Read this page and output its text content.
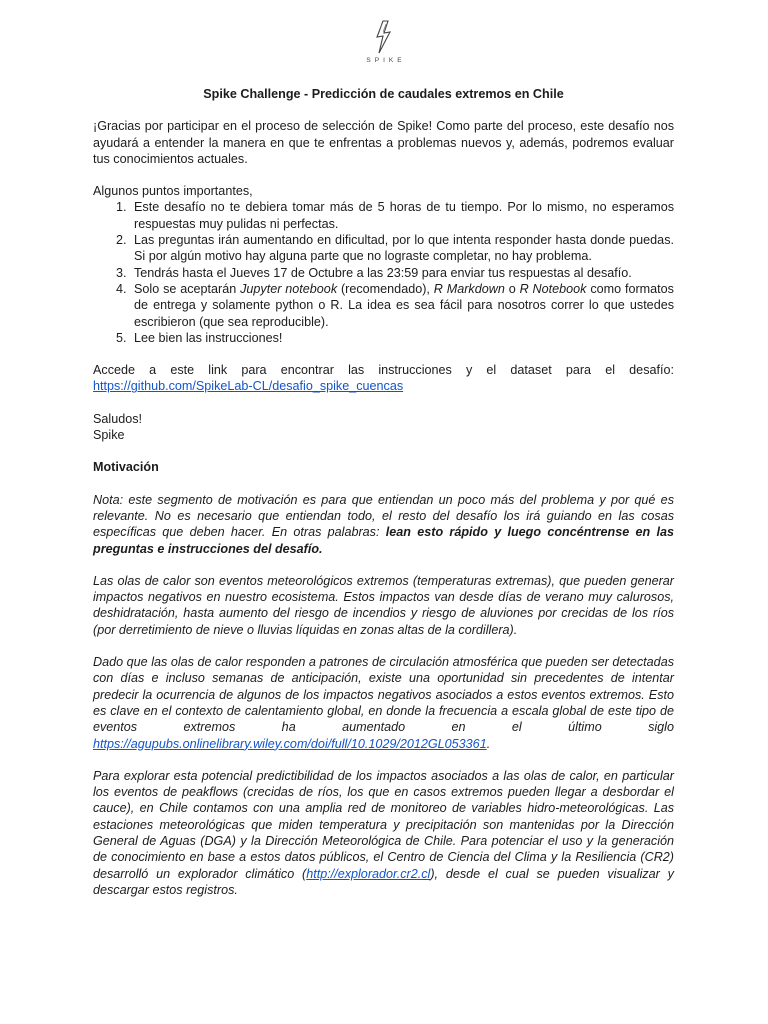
SPIKE
Spike Challenge - Predicción de caudales extremos en Chile

¡Gracias por participar en el proceso de selección de Spike! Como parte del proceso, este desafío nos ayudará a entender la manera en que te enfrentas a problemas nuevos y, además, podremos evaluar tus conocimientos actuales.

Algunos puntos importantes,

1. Este desafío no te debiera tomar más de 5 horas de tu tiempo. Por lo mismo, no esperamos respuestas muy pulidas ni perfectas.
2. Las preguntas irán aumentando en dificultad, por lo que intenta responder hasta donde puedas. Si por algún motivo hay alguna parte que no lograste completar, no hay problema.
3. Tendrás hasta el Jueves 17 de Octubre a las 23:59 para enviar tus respuestas al desafío.
4. Solo se aceptarán Jupyter notebook (recomendado), R Markdown o R Notebook como formatos de entrega y solamente python o R. La idea es sea fácil para nosotros correr lo que ustedes escribieron (que sea reproducible).
5. Lee bien las instrucciones!

Accede a este link para encontrar las instrucciones y el dataset para el desafío: https://github.com/SpikeLab-CL/desafio_spike_cuencas

Saludos!
Spike

Motivación

Nota: este segmento de motivación es para que entiendan un poco más del problema y por qué es relevante. No es necesario que entiendan todo, el resto del desafío los irá guiando en las cosas específicas que deben hacer. En otras palabras: lean esto rápido y luego concéntrense en las preguntas e instrucciones del desafío.

Las olas de calor son eventos meteorológicos extremos (temperaturas extremas), que pueden generar impactos negativos en nuestro ecosistema. Estos impactos van desde días de verano muy calurosos, deshidratación, hasta aumento del riesgo de incendios y riesgo de aluviones por crecidas de los ríos (por derretimiento de nieve o lluvias líquidas en zonas altas de la cordillera).

Dado que las olas de calor responden a patrones de circulación atmosférica que pueden ser detectadas con días e incluso semanas de anticipación, existe una oportunidad sin precedentes de intentar predecir la ocurrencia de algunos de los impactos negativos asociados a estos eventos extremos. Esto es clave en el contexto de calentamiento global, en donde la frecuencia a escala global de este tipo de eventos extremos ha aumentado en el último siglo https://agupubs.onlinelibrary.wiley.com/doi/full/10.1029/2012GL053361.

Para explorar esta potencial predictibilidad de los impactos asociados a las olas de calor, en particular los eventos de peakflows (crecidas de ríos, los que en casos extremos pueden llegar a desbordar el cauce), en Chile contamos con una amplia red de monitoreo de variables hidro-meteorológicas. Las estaciones meteorológicas que miden temperatura y precipitación son mantenidas por la Dirección General de Aguas (DGA) y la Dirección Meteorológica de Chile. Para potenciar el uso y la generación de conocimiento en base a estos datos públicos, el Centro de Ciencia del Clima y la Resiliencia (CR2) desarrolló un explorador climático (http://explorador.cr2.cl), desde el cual se pueden visualizar y descargar estos registros.
